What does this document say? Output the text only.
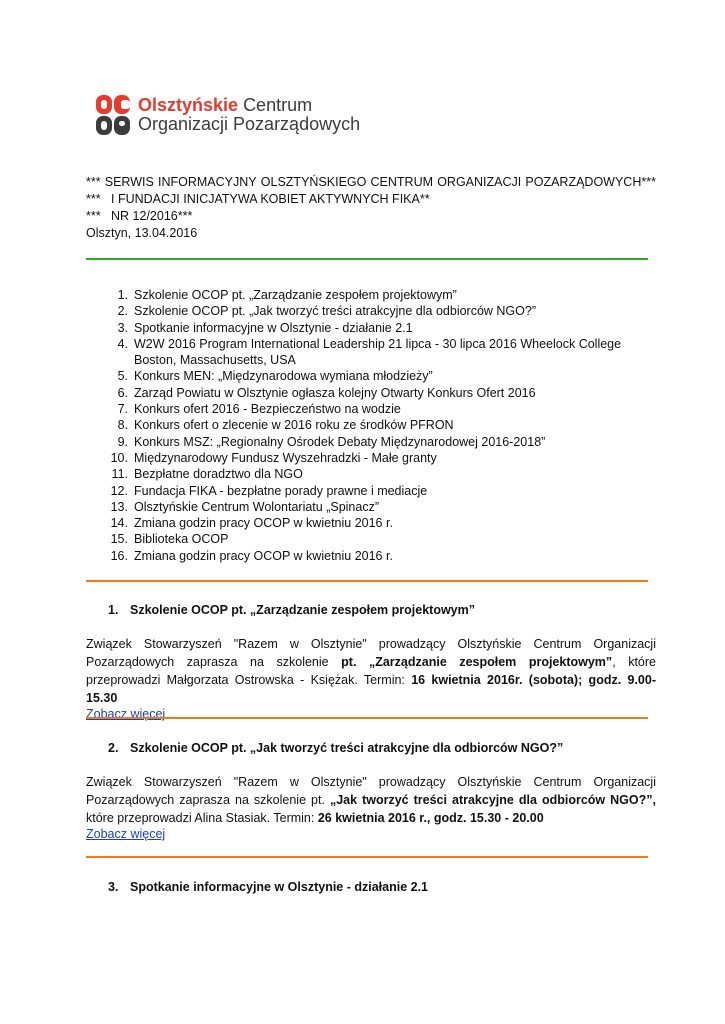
Olsztyńskie Centrum
Organizacji Pozarządowych
*** SERWIS INFORMACYJNY OLSZTYŃSKIEGO CENTRUM ORGANIZACJI POZARZĄDOWYCH***
***   I FUNDACJI INICJATYWA KOBIET AKTYWNYCH FIKA**
***   NR 12/2016***
Olsztyn, 13.04.2016
1. Szkolenie OCOP pt. „Zarządzanie zespołem projektowym”
2. Szkolenie OCOP pt. „Jak tworzyć treści atrakcyjne dla odbiorców NGO?”
3. Spotkanie informacyjne w Olsztynie - działanie 2.1
4. W2W 2016 Program International Leadership 21 lipca - 30 lipca 2016 Wheelock College Boston, Massachusetts, USA
5. Konkurs MEN: „Międzynarodowa wymiana młodzieży”
6. Zarząd Powiatu w Olsztynie ogłasza kolejny Otwarty Konkurs Ofert 2016
7. Konkurs ofert 2016 - Bezpieczeństwo na wodzie
8. Konkurs ofert o zlecenie w 2016 roku ze środków PFRON
9. Konkurs MSZ: „Regionalny Ośrodek Debaty Międzynarodowej 2016-2018”
10. Międzynarodowy Fundusz Wyszehradzki - Małe granty
11. Bezpłatne doradztwo dla NGO
12. Fundacja FIKA - bezpłatne porady prawne i mediacje
13. Olsztyńskie Centrum Wolontariatu „Spinacz”
14. Zmiana godzin pracy OCOP w kwietniu 2016 r.
15. Biblioteka OCOP
16. Zmiana godzin pracy OCOP w kwietniu 2016 r.
1. Szkolenie OCOP pt. „Zarządzanie zespołem projektowym”

Związek Stowarzyszeń "Razem w Olsztynie" prowadzący Olsztyńskie Centrum Organizacji Pozarządowych zaprasza na szkolenie pt. „Zarządzanie zespołem projektowym”, które przeprowadzi Małgorzata Ostrowska - Księżak. Termin: 16 kwietnia 2016r. (sobota); godz. 9.00-15.30

Zobacz więcej
2. Szkolenie OCOP pt. „Jak tworzyć treści atrakcyjne dla odbiorców NGO?”

Związek Stowarzyszeń "Razem w Olsztynie" prowadzący Olsztyńskie Centrum Organizacji Pozarządowych zaprasza na szkolenie pt. „Jak tworzyć treści atrakcyjne dla odbiorców NGO?”, które przeprowadzi Alina Stasiak. Termin: 26 kwietnia 2016 r., godz. 15.30 - 20.00

Zobacz więcej
3. Spotkanie informacyjne w Olsztynie - działanie 2.1
